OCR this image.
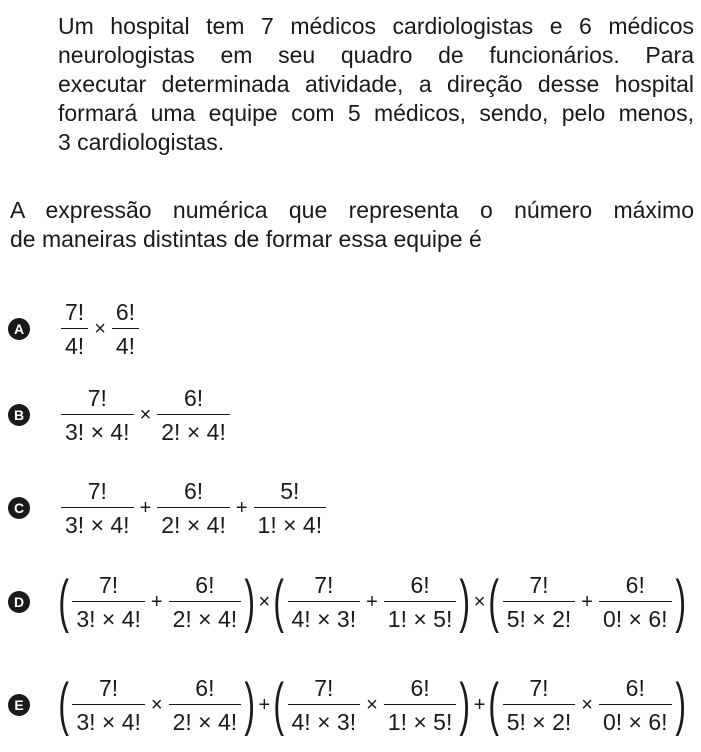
Um hospital tem 7 médicos cardiologistas e 6 médicos
neurologistas em seu quadro de funcionários. Para
executar determinada atividade, a direção desse hospital
formará uma equipe com 5 médicos, sendo, pelo menos,
3 cardiologistas.
A expressão numérica que representa o número máximo
de maneiras distintas de formar essa equipe é
A $\frac{7!}{4!} \times \frac{6!}{4!}$
B $\frac{7!}{3! \times 4!} \times \frac{6!}{2! \times 4!}$
C $\frac{7!}{3! \times 4!} + \frac{6!}{2! \times 4!} + \frac{5!}{1! \times 4!}$
D ( $\frac{7!}{3! \times 4!} + \frac{6!}{2! \times 4!}$ ) × ( $\frac{7!}{4! \times 3!} + \frac{6!}{1! \times 5!}$ ) × ( $\frac{7!}{5! \times 2!} + \frac{6!}{0! \times 6!}$ )
E ( $\frac{7!}{3! \times 4!} \times \frac{6!}{2! \times 4!}$ ) + ( $\frac{7!}{4! \times 3!} \times \frac{6!}{1! \times 5!}$ ) + ( $\frac{7!}{5! \times 2!} \times \frac{6!}{0! \times 6!}$ )
